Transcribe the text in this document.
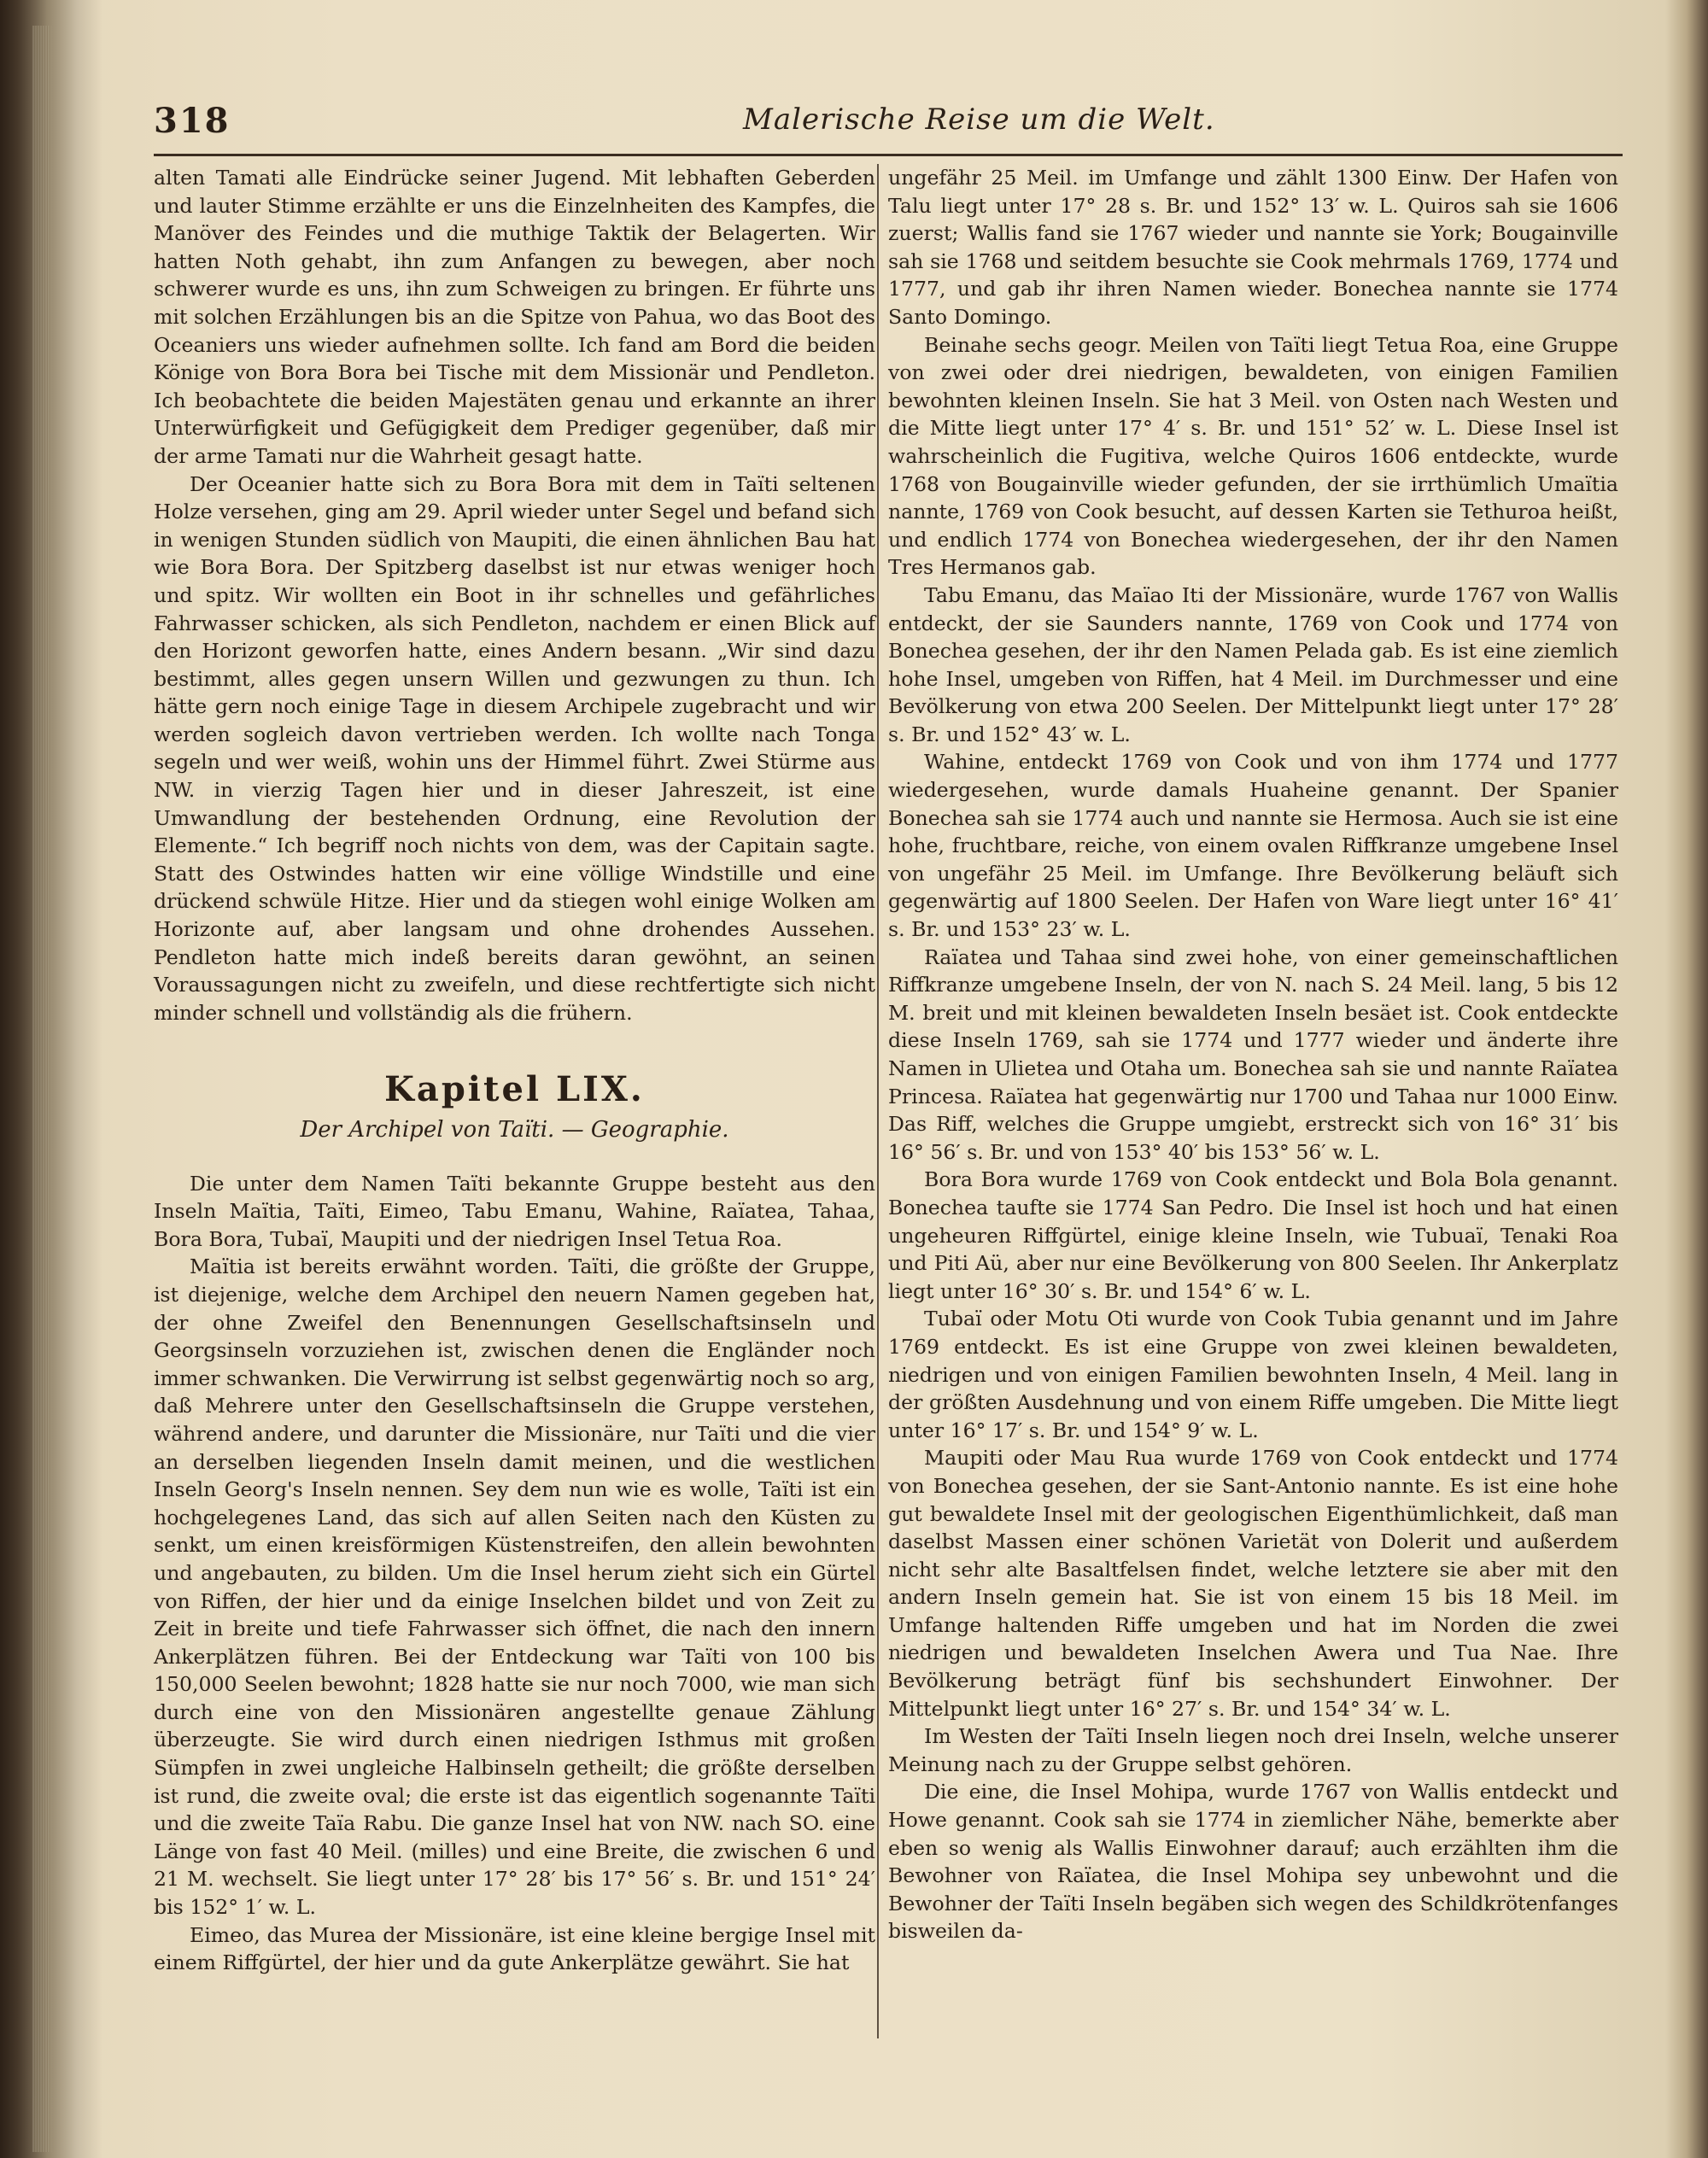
318	Malerische Reise um die Welt.

alten Tamati alle Eindrücke seiner Jugend. Mit lebhaften Geberden und lauter Stimme erzählte er uns die Einzelnheiten des Kampfes, die Manöver des Feindes und die muthige Taktik der Belagerten. Wir hatten Noth gehabt, ihn zum Anfangen zu bewegen, aber noch schwerer wurde es uns, ihn zum Schweigen zu bringen. Er führte uns mit solchen Erzählungen bis an die Spitze von Pahua, wo das Boot des Oceaniers uns wieder aufnehmen sollte. Ich fand am Bord die beiden Könige von Bora Bora bei Tische mit dem Missionär und Pendleton. Ich beobachtete die beiden Majestäten genau und erkannte an ihrer Unterwürfigkeit und Gefügigkeit dem Prediger gegenüber, daß mir der arme Tamati nur die Wahrheit gesagt hatte.

Der Oceanier hatte sich zu Bora Bora mit dem in Taïti seltenen Holze versehen, ging am 29. April wieder unter Segel und befand sich in wenigen Stunden südlich von Maupiti, die einen ähnlichen Bau hat wie Bora Bora. Der Spitzberg daselbst ist nur etwas weniger hoch und spitz. Wir wollten ein Boot in ihr schnelles und gefährliches Fahrwasser schicken, als sich Pendleton, nachdem er einen Blick auf den Horizont geworfen hatte, eines Andern besann. „Wir sind dazu bestimmt, alles gegen unsern Willen und gezwungen zu thun. Ich hätte gern noch einige Tage in diesem Archipele zugebracht und wir werden sogleich davon vertrieben werden. Ich wollte nach Tonga segeln und wer weiß, wohin uns der Himmel führt. Zwei Stürme aus NW. in vierzig Tagen hier und in dieser Jahreszeit, ist eine Umwandlung der bestehenden Ordnung, eine Revolution der Elemente.“ Ich begriff noch nichts von dem, was der Capitain sagte. Statt des Ostwindes hatten wir eine völlige Windstille und eine drückend schwüle Hitze. Hier und da stiegen wohl einige Wolken am Horizonte auf, aber langsam und ohne drohendes Aussehen. Pendleton hatte mich indeß bereits daran gewöhnt, an seinen Voraussagungen nicht zu zweifeln, und diese rechtfertigte sich nicht minder schnell und vollständig als die frühern.

Kapitel LIX.
Der Archipel von Taïti. — Geographie.

Die unter dem Namen Taïti bekannte Gruppe besteht aus den Inseln Maïtia, Taïti, Eimeo, Tabu Emanu, Wahine, Raïatea, Tahaa, Bora Bora, Tubaï, Maupiti und der niedrigen Insel Tetua Roa.

Maïtia ist bereits erwähnt worden. Taïti, die größte der Gruppe, ist diejenige, welche dem Archipel den neuern Namen gegeben hat, der ohne Zweifel den Benennungen Gesellschaftsinseln und Georgsinseln vorzuziehen ist, zwischen denen die Engländer noch immer schwanken. Die Verwirrung ist selbst gegenwärtig noch so arg, daß Mehrere unter den Gesellschaftsinseln die Gruppe verstehen, während andere, und darunter die Missionäre, nur Taïti und die vier an derselben liegenden Inseln damit meinen, und die westlichen Inseln Georg's Inseln nennen. Sey dem nun wie es wolle, Taïti ist ein hochgelegenes Land, das sich auf allen Seiten nach den Küsten zu senkt, um einen kreisförmigen Küstenstreifen, den allein bewohnten und angebauten, zu bilden. Um die Insel herum zieht sich ein Gürtel von Riffen, der hier und da einige Inselchen bildet und von Zeit zu Zeit in breite und tiefe Fahrwasser sich öffnet, die nach den innern Ankerplätzen führen. Bei der Entdeckung war Taïti von 100 bis 150,000 Seelen bewohnt; 1828 hatte sie nur noch 7000, wie man sich durch eine von den Missionären angestellte genaue Zählung überzeugte. Sie wird durch einen niedrigen Isthmus mit großen Sümpfen in zwei ungleiche Halbinseln getheilt; die größte derselben ist rund, die zweite oval; die erste ist das eigentlich sogenannte Taïti und die zweite Taïa Rabu. Die ganze Insel hat von NW. nach SO. eine Länge von fast 40 Meil. (milles) und eine Breite, die zwischen 6 und 21 M. wechselt. Sie liegt unter 17° 28′ bis 17° 56′ s. Br. und 151° 24′ bis 152° 1′ w. L.

Eimeo, das Murea der Missionäre, ist eine kleine bergige Insel mit einem Riffgürtel, der hier und da gute Ankerplätze gewährt. Sie hat

ungefähr 25 Meil. im Umfange und zählt 1300 Einw. Der Hafen von Talu liegt unter 17° 28 s. Br. und 152° 13′ w. L. Quiros sah sie 1606 zuerst; Wallis fand sie 1767 wieder und nannte sie York; Bougainville sah sie 1768 und seitdem besuchte sie Cook mehrmals 1769, 1774 und 1777, und gab ihr ihren Namen wieder. Bonechea nannte sie 1774 Santo Domingo.

Beinahe sechs geogr. Meilen von Taïti liegt Tetua Roa, eine Gruppe von zwei oder drei niedrigen, bewaldeten, von einigen Familien bewohnten kleinen Inseln. Sie hat 3 Meil. von Osten nach Westen und die Mitte liegt unter 17° 4′ s. Br. und 151° 52′ w. L. Diese Insel ist wahrscheinlich die Fugitiva, welche Quiros 1606 entdeckte, wurde 1768 von Bougainville wieder gefunden, der sie irrthümlich Umaïtia nannte, 1769 von Cook besucht, auf dessen Karten sie Tethuroa heißt, und endlich 1774 von Bonechea wiedergesehen, der ihr den Namen Tres Hermanos gab.

Tabu Emanu, das Maïao Iti der Missionäre, wurde 1767 von Wallis entdeckt, der sie Saunders nannte, 1769 von Cook und 1774 von Bonechea gesehen, der ihr den Namen Pelada gab. Es ist eine ziemlich hohe Insel, umgeben von Riffen, hat 4 Meil. im Durchmesser und eine Bevölkerung von etwa 200 Seelen. Der Mittelpunkt liegt unter 17° 28′ s. Br. und 152° 43′ w. L.

Wahine, entdeckt 1769 von Cook und von ihm 1774 und 1777 wiedergesehen, wurde damals Huaheine genannt. Der Spanier Bonechea sah sie 1774 auch und nannte sie Hermosa. Auch sie ist eine hohe, fruchtbare, reiche, von einem ovalen Riffkranze umgebene Insel von ungefähr 25 Meil. im Umfange. Ihre Bevölkerung beläuft sich gegenwärtig auf 1800 Seelen. Der Hafen von Ware liegt unter 16° 41′ s. Br. und 153° 23′ w. L.

Raïatea und Tahaa sind zwei hohe, von einer gemeinschaftlichen Riffkranze umgebene Inseln, der von N. nach S. 24 Meil. lang, 5 bis 12 M. breit und mit kleinen bewaldeten Inseln besäet ist. Cook entdeckte diese Inseln 1769, sah sie 1774 und 1777 wieder und änderte ihre Namen in Ulietea und Otaha um. Bonechea sah sie und nannte Raïatea Princesa. Raïatea hat gegenwärtig nur 1700 und Tahaa nur 1000 Einw. Das Riff, welches die Gruppe umgiebt, erstreckt sich von 16° 31′ bis 16° 56′ s. Br. und von 153° 40′ bis 153° 56′ w. L.

Bora Bora wurde 1769 von Cook entdeckt und Bola Bola genannt. Bonechea taufte sie 1774 San Pedro. Die Insel ist hoch und hat einen ungeheuren Riffgürtel, einige kleine Inseln, wie Tubuaï, Tenaki Roa und Piti Aü, aber nur eine Bevölkerung von 800 Seelen. Ihr Ankerplatz liegt unter 16° 30′ s. Br. und 154° 6′ w. L.

Tubaï oder Motu Oti wurde von Cook Tubia genannt und im Jahre 1769 entdeckt. Es ist eine Gruppe von zwei kleinen bewaldeten, niedrigen und von einigen Familien bewohnten Inseln, 4 Meil. lang in der größten Ausdehnung und von einem Riffe umgeben. Die Mitte liegt unter 16° 17′ s. Br. und 154° 9′ w. L.

Maupiti oder Mau Rua wurde 1769 von Cook entdeckt und 1774 von Bonechea gesehen, der sie Sant-Antonio nannte. Es ist eine hohe gut bewaldete Insel mit der geologischen Eigenthümlichkeit, daß man daselbst Massen einer schönen Varietät von Dolerit und außerdem nicht sehr alte Basaltfelsen findet, welche letztere sie aber mit den andern Inseln gemein hat. Sie ist von einem 15 bis 18 Meil. im Umfange haltenden Riffe umgeben und hat im Norden die zwei niedrigen und bewaldeten Inselchen Awera und Tua Nae. Ihre Bevölkerung beträgt fünf bis sechshundert Einwohner. Der Mittelpunkt liegt unter 16° 27′ s. Br. und 154° 34′ w. L.

Im Westen der Taïti Inseln liegen noch drei Inseln, welche unserer Meinung nach zu der Gruppe selbst gehören.

Die eine, die Insel Mohipa, wurde 1767 von Wallis entdeckt und Howe genannt. Cook sah sie 1774 in ziemlicher Nähe, bemerkte aber eben so wenig als Wallis Einwohner darauf; auch erzählten ihm die Bewohner von Raïatea, die Insel Mohipa sey unbewohnt und die Bewohner der Taïti Inseln begäben sich wegen des Schildkrötenfanges bisweilen da-
